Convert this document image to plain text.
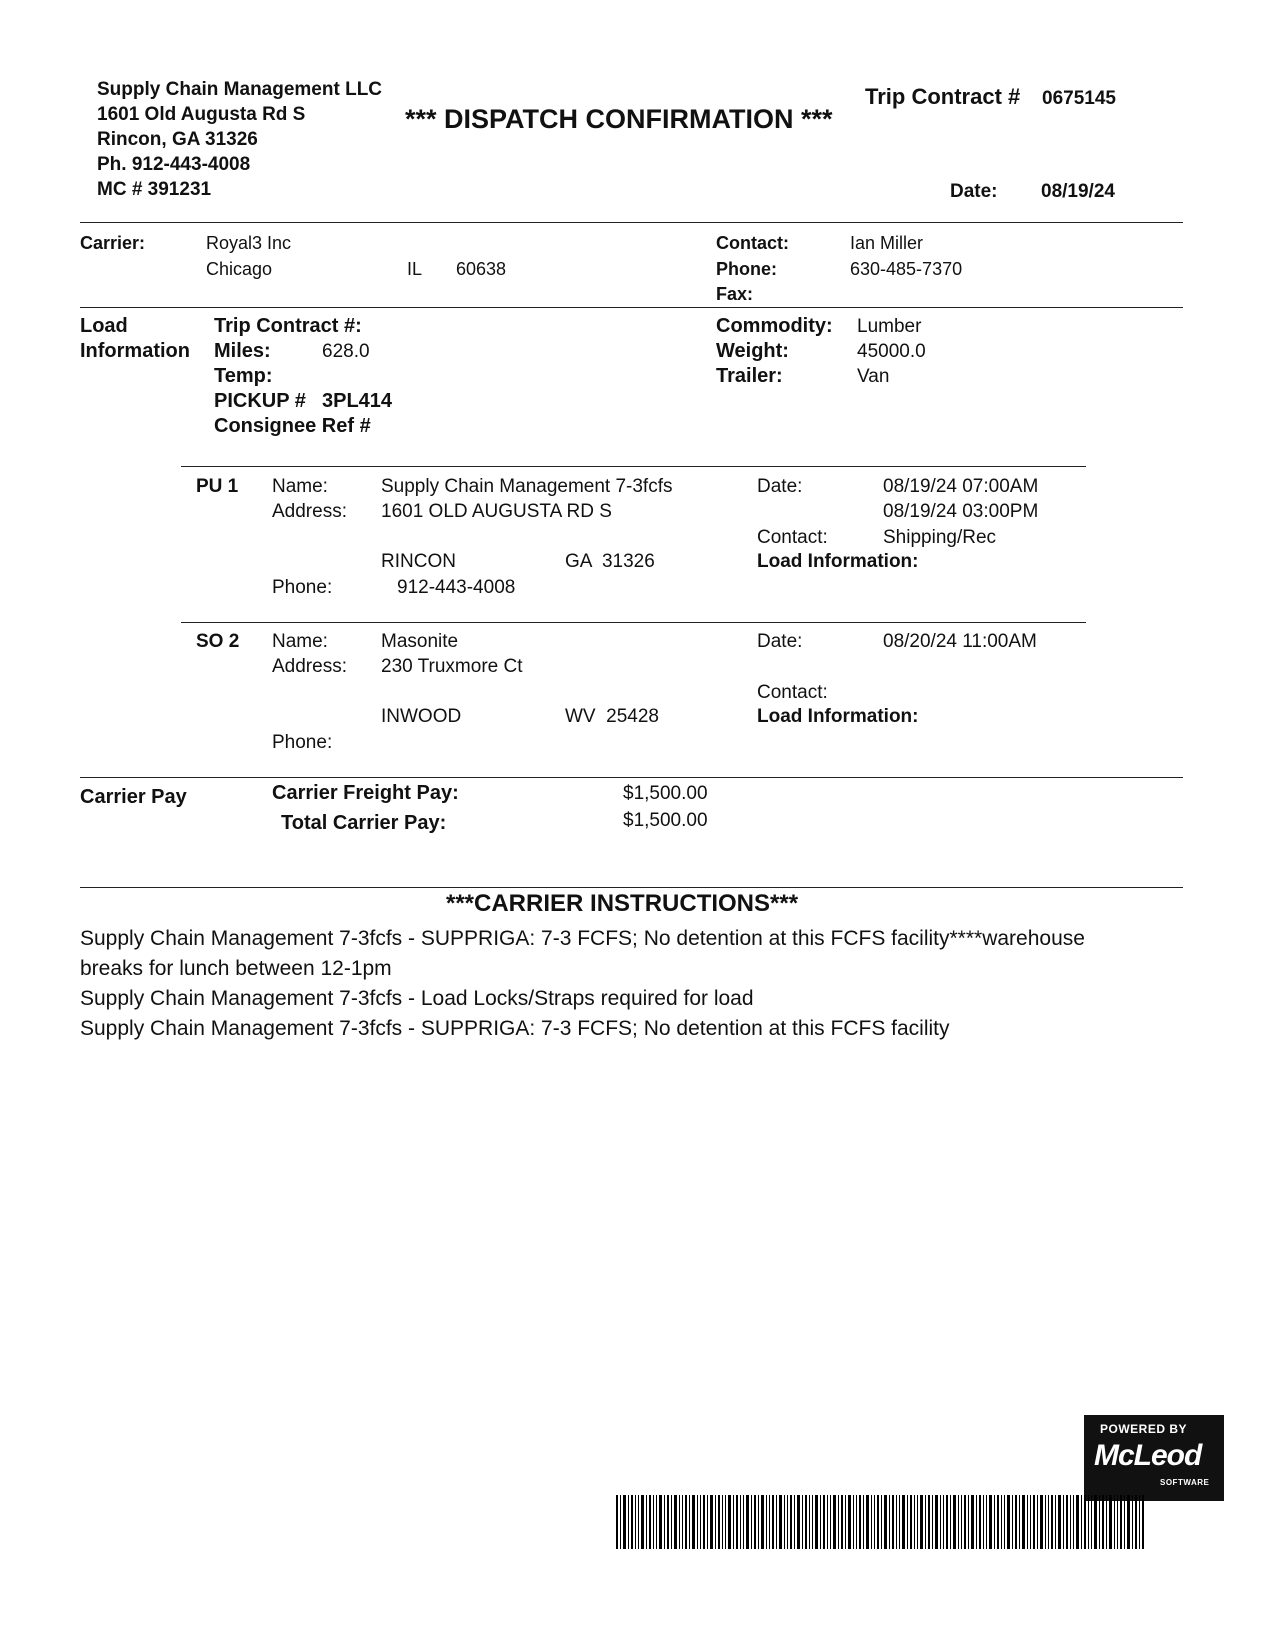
Supply Chain Management LLC
1601 Old Augusta Rd S
Rincon, GA 31326
Ph. 912-443-4008
MC # 391231
*** DISPATCH CONFIRMATION ***
Trip Contract # 0675145
Date: 08/19/24
Carrier:	Royal3 Inc
Chicago	IL 60638
Contact:	Ian Miller
Phone:	630-485-7370
Fax:
Load
Information
Trip Contract #:
Miles:	628.0
Temp:
PICKUP # 3PL414
Consignee Ref #
Commodity: Lumber
Weight:	45000.0
Trailer:	Van
PU 1 Name:	Supply Chain Management 7-3fcfs
Address: 1601 OLD AUGUSTA RD S
RINCON	GA  31326
Phone:	912-443-4008
Date:	08/19/24 07:00AM
08/19/24 03:00PM
Contact:	Shipping/Rec
Load Information:
SO 2 Name:	Masonite
Address: 230 Truxmore Ct
INWOOD	WV  25428
Phone:
Date:	08/20/24 11:00AM
Contact:
Load Information:
Carrier Pay	Carrier Freight Pay:	$1,500.00
Total Carrier Pay:	$1,500.00
***CARRIER INSTRUCTIONS***
Supply Chain Management 7-3fcfs - SUPPRIGA: 7-3 FCFS; No detention at this FCFS facility****warehouse
breaks for lunch between 12-1pm
Supply Chain Management 7-3fcfs - Load Locks/Straps required for load
Supply Chain Management 7-3fcfs - SUPPRIGA: 7-3 FCFS; No detention at this FCFS facility
POWERED BY
McLeod
SOFTWARE
